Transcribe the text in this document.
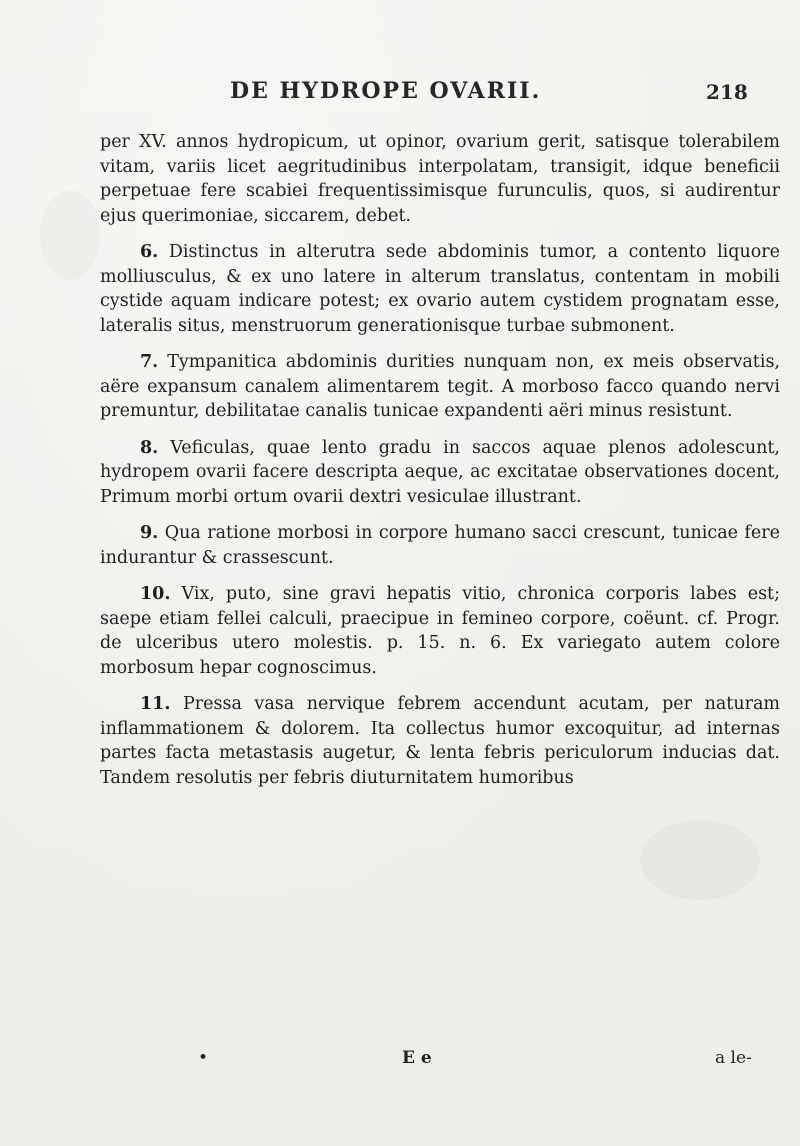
DE HYDROPE OVARII.	218

per XV. annos hydropicum, ut opinor, ovarium gerit, satisque tolerabilem vitam, variis licet aegritudinibus interpolatam, transigit, idque beneficii perpetuae fere scabiei frequentissimisque furunculis, quos, si audirentur ejus querimoniae, siccarem, debet.

6. Distinctus in alterutra sede abdominis tumor, a contento liquore molliusculus, & ex uno latere in alterum translatus, contentam in mobili cystide aquam indicare potest; ex ovario autem cystidem prognatam esse, lateralis situs, menstruorum generationisque turbae submonent.

7. Tympanitica abdominis durities nunquam non, ex meis observatis, aëre expansum canalem alimentarem tegit. A morboso facco quando nervi premuntur, debilitatae canalis tunicae expandenti aëri minus resistunt.

8. Veficulas, quae lento gradu in saccos aquae plenos adolescunt, hydropem ovarii facere descripta aeque, ac excitatae observationes docent, Primum morbi ortum ovarii dextri vesiculae illustrant.

9. Qua ratione morbosi in corpore humano sacci crescunt, tunicae fere indurantur & crassescunt.

10. Vix, puto, sine gravi hepatis vitio, chronica corporis labes est; saepe etiam fellei calculi, praecipue in femineo corpore, coëunt. cf. Progr. de ulceribus utero molestis. p. 15. n. 6. Ex variegato autem colore morbosum hepar cognoscimus.

11. Pressa vasa nervique febrem accendunt acutam, per naturam inflammationem & dolorem. Ita collectus humor excoquitur, ad internas partes facta metastasis augetur, & lenta febris periculorum inducias dat. Tandem resolutis per febris diuturnitatem humoribus

•	E e	a le-
